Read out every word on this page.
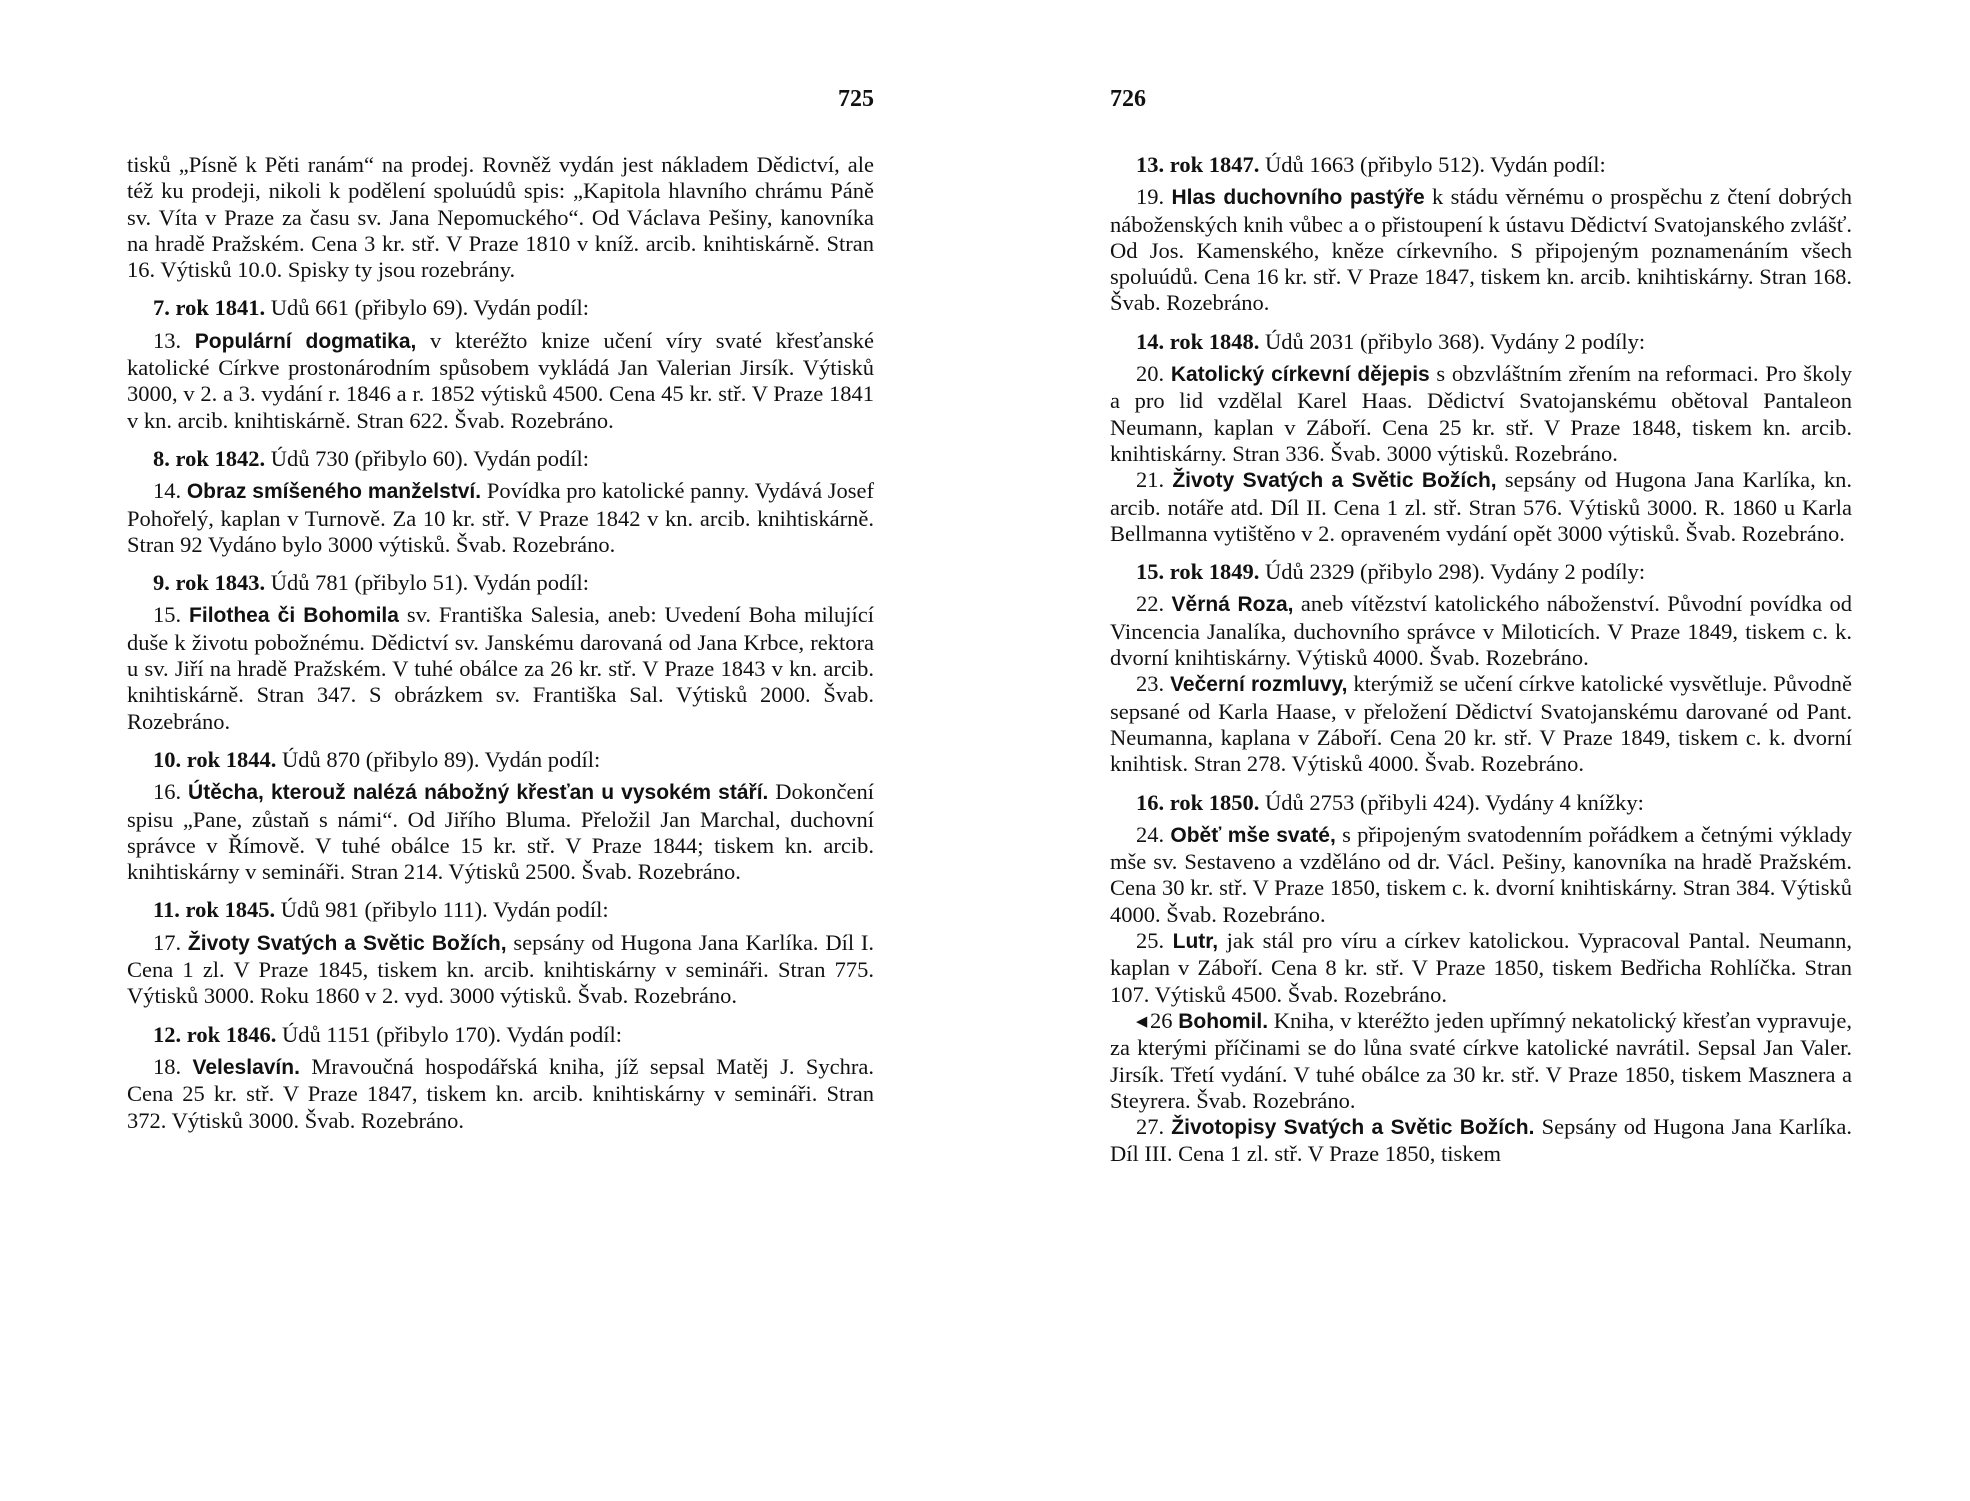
725

tisků „Písně k Pěti ranám“ na prodej. Rovněž vydán jest nákladem Dědictví, ale též ku prodeji, nikoli k podělení spoluúdů spis: „Kapitola hlavního chrámu Páně sv. Víta v Praze za času sv. Jana Nepomuckého“. Od Václava Pešiny, kanovníka na hradě Pražském. Cena 3 kr. stř. V Praze 1810 v kníž. arcib. knihtiskárně. Stran 16. Výtisků 10.0. Spisky ty jsou rozebrány.

7. rok 1841. Udů 661 (přibylo 69). Vydán podíl:

13. Populární dogmatika, v kteréžto knize učení víry svaté křesťanské katolické Církve prostonárodním spůsobem vykládá Jan Valerian Jirsík. Výtisků 3000, v 2. a 3. vydání r. 1846 a r. 1852 výtisků 4500. Cena 45 kr. stř. V Praze 1841 v kn. arcib. knihtiskárně. Stran 622. Švab. Rozebráno.

8. rok 1842. Údů 730 (přibylo 60). Vydán podíl:

14. Obraz smíšeného manželství. Povídka pro katolické panny. Vydává Josef Pohořelý, kaplan v Turnově. Za 10 kr. stř. V Praze 1842 v kn. arcib. knihtiskárně. Stran 92 Vydáno bylo 3000 výtisků. Švab. Rozebráno.

9. rok 1843. Údů 781 (přibylo 51). Vydán podíl:

15. Filothea či Bohomila sv. Františka Salesia, aneb: Uvedení Boha milující duše k životu pobožnému. Dědictví sv. Janskému darovaná od Jana Krbce, rektora u sv. Jiří na hradě Pražském. V tuhé obálce za 26 kr. stř. V Praze 1843 v kn. arcib. knihtiskárně. Stran 347. S obrázkem sv. Františka Sal. Výtisků 2000. Švab. Rozebráno.

10. rok 1844. Údů 870 (přibylo 89). Vydán podíl:

16. Útěcha, kterouž nalézá nábožný křesťan u vysokém stáří. Dokončení spisu „Pane, zůstaň s námi“. Od Jiřího Bluma. Přeložil Jan Marchal, duchovní správce v Římově. V tuhé obálce 15 kr. stř. V Praze 1844; tiskem kn. arcib. knihtiskárny v semináři. Stran 214. Výtisků 2500. Švab. Rozebráno.

11. rok 1845. Údů 981 (přibylo 111). Vydán podíl:

17. Životy Svatých a Světic Božích, sepsány od Hugona Jana Karlíka. Díl I. Cena 1 zl. V Praze 1845, tiskem kn. arcib. knihtiskárny v semináři. Stran 775. Výtisků 3000. Roku 1860 v 2. vyd. 3000 výtisků. Švab. Rozebráno.

12. rok 1846. Údů 1151 (přibylo 170). Vydán podíl:

18. Veleslavín. Mravoučná hospodářská kniha, jíž sepsal Matěj J. Sychra. Cena 25 kr. stř. V Praze 1847, tiskem kn. arcib. knihtiskárny v semináři. Stran 372. Výtisků 3000. Švab. Rozebráno.

726

13. rok 1847. Údů 1663 (přibylo 512). Vydán podíl:

19. Hlas duchovního pastýře k stádu věrnému o prospěchu z čtení dobrých náboženských knih vůbec a o přistoupení k ústavu Dědictví Svatojanského zvlášť. Od Jos. Kamenského, kněze církevního. S připojeným poznamenáním všech spoluúdů. Cena 16 kr. stř. V Praze 1847, tiskem kn. arcib. knihtiskárny. Stran 168. Švab. Rozebráno.

14. rok 1848. Údů 2031 (přibylo 368). Vydány 2 podíly:

20. Katolický církevní dějepis s obzvláštním zřením na reformaci. Pro školy a pro lid vzdělal Karel Haas. Dědictví Svatojanskému obětoval Pantaleon Neumann, kaplan v Záboří. Cena 25 kr. stř. V Praze 1848, tiskem kn. arcib. knihtiskárny. Stran 336. Švab. 3000 výtisků. Rozebráno.

21. Životy Svatých a Světic Božích, sepsány od Hugona Jana Karlíka, kn. arcib. notáře atd. Díl II. Cena 1 zl. stř. Stran 576. Výtisků 3000. R. 1860 u Karla Bellmanna vytištěno v 2. opraveném vydání opět 3000 výtisků. Švab. Rozebráno.

15. rok 1849. Údů 2329 (přibylo 298). Vydány 2 podíly:

22. Věrná Roza, aneb vítězství katolického náboženství. Původní povídka od Vincencia Janalíka, duchovního správce v Miloticích. V Praze 1849, tiskem c. k. dvorní knihtiskárny. Výtisků 4000. Švab. Rozebráno.

23. Večerní rozmluvy, kterýmiž se učení církve katolické vysvětluje. Původně sepsané od Karla Haase, v přeložení Dědictví Svatojanskému darované od Pant. Neumanna, kaplana v Záboří. Cena 20 kr. stř. V Praze 1849, tiskem c. k. dvorní knihtisk. Stran 278. Výtisků 4000. Švab. Rozebráno.

16. rok 1850. Údů 2753 (přibyli 424). Vydány 4 knížky:

24. Oběť mše svaté, s připojeným svatodenním pořádkem a četnými výklady mše sv. Sestaveno a vzděláno od dr. Václ. Pešiny, kanovníka na hradě Pražském. Cena 30 kr. stř. V Praze 1850, tiskem c. k. dvorní knihtiskárny. Stran 384. Výtisků 4000. Švab. Rozebráno.

25. Lutr, jak stál pro víru a církev katolickou. Vypracoval Pantal. Neumann, kaplan v Záboří. Cena 8 kr. stř. V Praze 1850, tiskem Bedřicha Rohlíčka. Stran 107. Výtisků 4500. Švab. Rozebráno.

◂ 26 Bohomil. Kniha, v kteréžto jeden upřímný nekatolický křesťan vypravuje, za kterými příčinami se do lůna svaté církve katolické navrátil. Sepsal Jan Valer. Jirsík. Třetí vydání. V tuhé obálce za 30 kr. stř. V Praze 1850, tiskem Masznera a Steyrera. Švab. Rozebráno.

27. Životopisy Svatých a Světic Božích. Sepsány od Hugona Jana Karlíka. Díl III. Cena 1 zl. stř. V Praze 1850, tiskem
